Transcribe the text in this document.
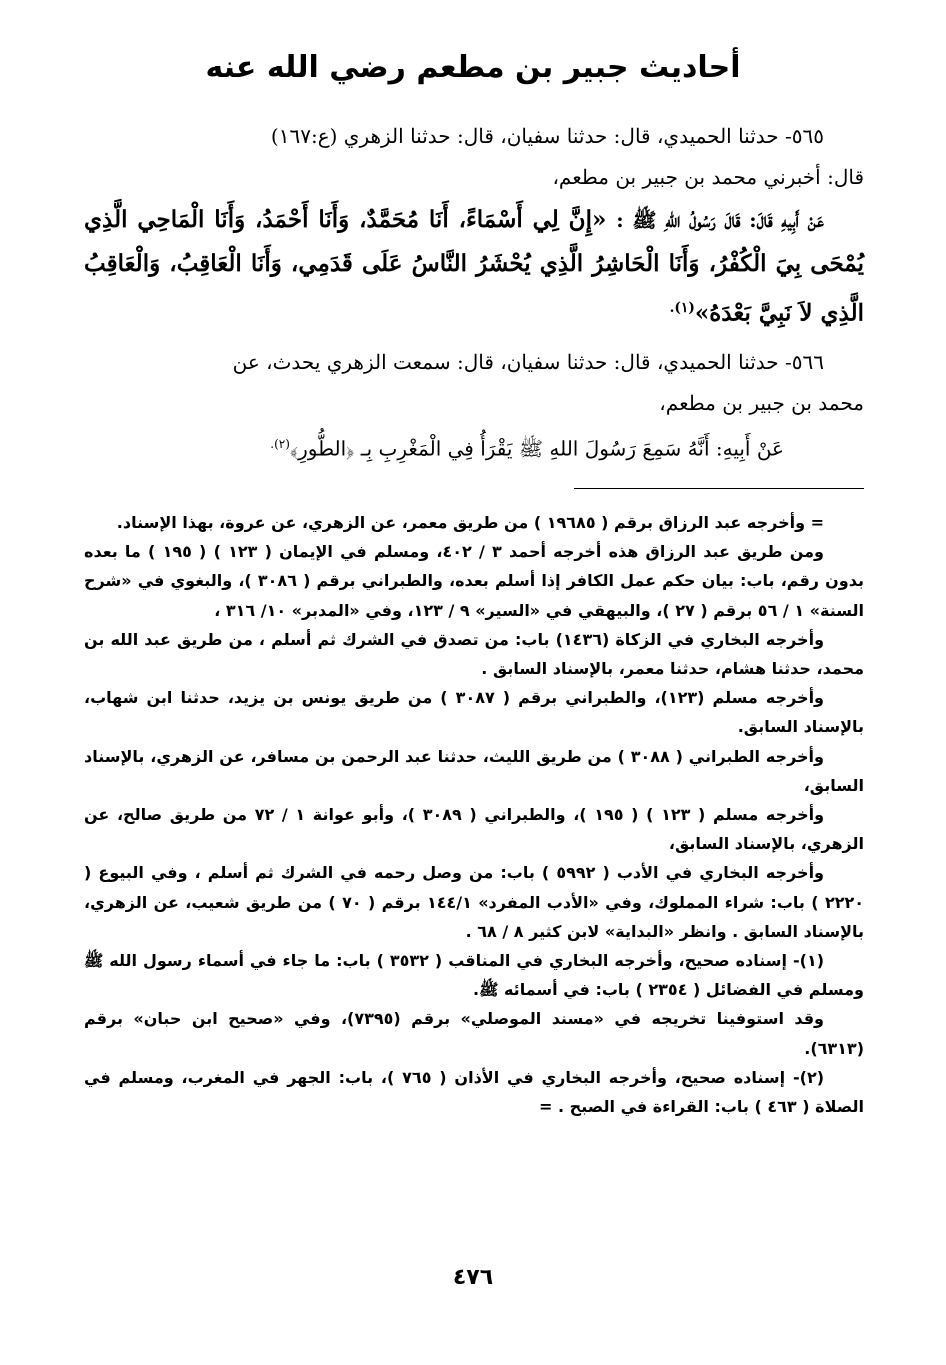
أحاديث جبير بن مطعم رضي الله عنه

٥٦٥- حدثنا الحميدي، قال: حدثنا سفيان، قال: حدثنا الزهري (ع:١٦٧)

قال: أخبرني محمد بن جبير بن مطعم،

عَنْ أَبِيهِ قَالَ: قَالَ رَسُولُ اللهِ ﷺ : «إِنَّ لِي أَسْمَاءً، أَنَا مُحَمَّدٌ، وَأَنَا أَحْمَدُ، وَأَنَا الْمَاحِي الَّذِي يُمْحَى بِيَ الْكُفْرُ، وَأَنَا الْحَاشِرُ الَّذِي يُحْشَرُ النَّاسُ عَلَى قَدَمِي، وَأَنَا الْعَاقِبُ، وَالْعَاقِبُ الَّذِي لاَ نَبِيَّ بَعْدَهُ»$^{(١).}$

٥٦٦- حدثنا الحميدي، قال: حدثنا سفيان، قال: سمعت الزهري يحدث، عن

محمد بن جبير بن مطعم،

عَنْ أَبِيهِ: أَنَّهُ سَمِعَ رَسُولَ اللهِ ﷺ يَقْرَأُ فِي الْمَغْرِبِ بِـ ﴿الطُّورِ﴾$^{(٢).}$

= وأخرجه عبد الرزاق برقم ( ١٩٦٨٥ ) من طريق معمر، عن الزهري، عن عروة، بهذا الإسناد.

ومن طريق عبد الرزاق هذه أخرجه أحمد ٣ / ٤٠٢، ومسلم في الإيمان ( ١٢٣ ) ( ١٩٥ ) ما بعده بدون رقم، باب: بيان حكم عمل الكافر إذا أسلم بعده، والطبراني برقم ( ٣٠٨٦ )، والبغوي في «شرح السنة» ١ / ٥٦ برقم ( ٢٧ )، والبيهقي في «السير» ٩ / ١٢٣، وفي «المدبر» ١٠/ ٣١٦ ،

وأخرجه البخاري في الزكاة (١٤٣٦) باب: من تصدق في الشرك ثم أسلم ، من طريق عبد الله بن محمد، حدثنا هشام، حدثنا معمر، بالإسناد السابق .

وأخرجه مسلم (١٢٣)، والطبراني برقم ( ٣٠٨٧ ) من طريق يونس بن يزيد، حدثنا ابن شهاب، بالإسناد السابق.

وأخرجه الطبراني ( ٣٠٨٨ ) من طريق الليث، حدثنا عبد الرحمن بن مسافر، عن الزهري، بالإسناد السابق،

وأخرجه مسلم ( ١٢٣ ) ( ١٩٥ )، والطبراني ( ٣٠٨٩ )، وأبو عوانة ١ / ٧٢ من طريق صالح، عن الزهري، بالإسناد السابق،

وأخرجه البخاري في الأدب ( ٥٩٩٢ ) باب: من وصل رحمه في الشرك ثم أسلم ، وفي البيوع ( ٢٢٢٠ ) باب: شراء المملوك، وفي «الأدب المفرد» ١٤٤/١ برقم ( ٧٠ ) من طريق شعيب، عن الزهري، بالإسناد السابق . وانظر «البداية» لابن كثير ٨ / ٦٨ .

(١)- إسناده صحيح، وأخرجه البخاري في المناقب ( ٣٥٣٢ ) باب: ما جاء في أسماء رسول الله ﷺ ومسلم في الفضائل ( ٢٣٥٤ ) باب: في أسمائه ﷺ.

وقد استوفينا تخريجه في «مسند الموصلي» برقم (٧٣٩٥)، وفي «صحيح ابن حبان» برقم (٦٣١٣).

(٢)- إسناده صحيح، وأخرجه البخاري في الأذان ( ٧٦٥ )، باب: الجهر في المغرب، ومسلم في الصلاة ( ٤٦٣ ) باب: القراءة في الصبح . =

٤٧٦
